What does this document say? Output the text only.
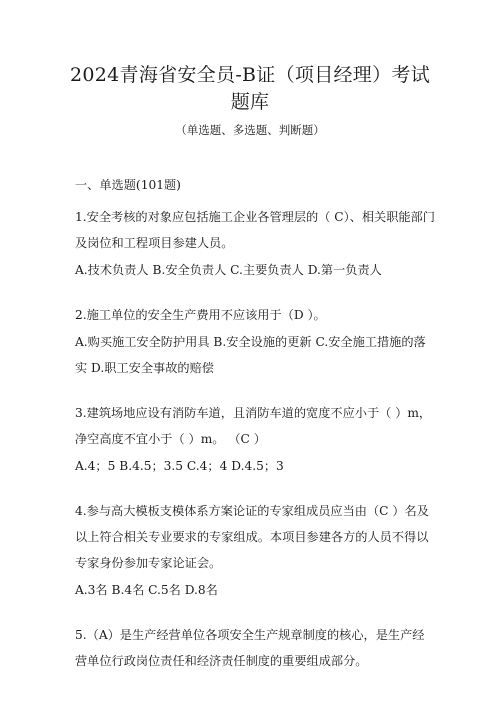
2024青海省安全员-B证（项目经理）考试
题库
（单选题、多选题、判断题）
一、单选题(101题)
1.安全考核的对象应包括施工企业各管理层的（ C）、相关职能部门及岗位和工程项目参建人员。
A.技术负责人 B.安全负责人 C.主要负责人 D.第一负责人
2.施工单位的安全生产费用不应该用于（D ）。
A.购买施工安全防护用具 B.安全设施的更新 C.安全施工措施的落实 D.职工安全事故的赔偿
3.建筑场地应设有消防车道，且消防车道的宽度不应小于（ ）m，净空高度不宜小于（ ）m。 （C ）
A.4；5 B.4.5；3.5 C.4；4 D.4.5；3
4.参与高大模板支模体系方案论证的专家组成员应当由（C ）名及以上符合相关专业要求的专家组成。本项目参建各方的人员不得以专家身份参加专家论证会。
A.3名 B.4名 C.5名 D.8名
5.（A）是生产经营单位各项安全生产规章制度的核心，是生产经营单位行政岗位责任和经济责任制度的重要组成部分。
